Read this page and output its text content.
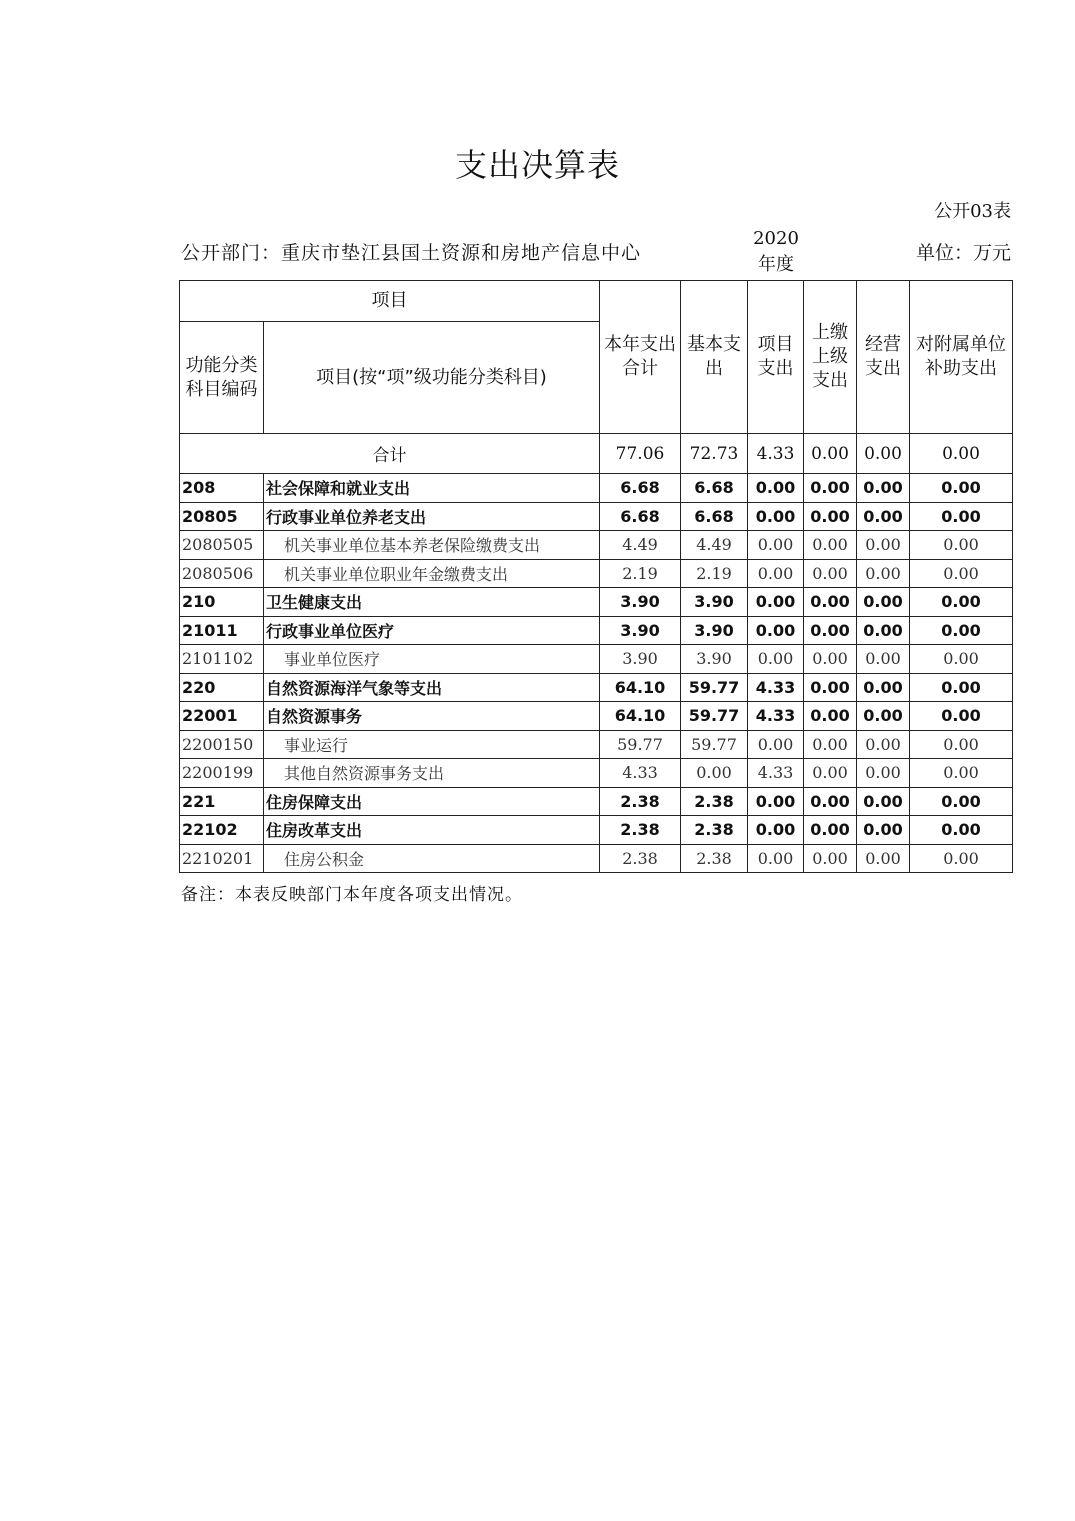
支出决算表
公开03表
公开部门：重庆市垫江县国土资源和房地产信息中心
2020
年度
单位：万元
项目		本年支出合计	基本支出	项目支出	上缴上级支出	经营支出	对附属单位补助支出
功能分类科目编码	项目(按“项”级功能分类科目)						
合计		77.06	72.73	4.33	0.00	0.00	0.00
208	社会保障和就业支出	6.68	6.68	0.00	0.00	0.00	0.00
20805	行政事业单位养老支出	6.68	6.68	0.00	0.00	0.00	0.00
2080505	机关事业单位基本养老保险缴费支出	4.49	4.49	0.00	0.00	0.00	0.00
2080506	机关事业单位职业年金缴费支出	2.19	2.19	0.00	0.00	0.00	0.00
210	卫生健康支出	3.90	3.90	0.00	0.00	0.00	0.00
21011	行政事业单位医疗	3.90	3.90	0.00	0.00	0.00	0.00
2101102	事业单位医疗	3.90	3.90	0.00	0.00	0.00	0.00
220	自然资源海洋气象等支出	64.10	59.77	4.33	0.00	0.00	0.00
22001	自然资源事务	64.10	59.77	4.33	0.00	0.00	0.00
2200150	事业运行	59.77	59.77	0.00	0.00	0.00	0.00
2200199	其他自然资源事务支出	4.33	0.00	4.33	0.00	0.00	0.00
221	住房保障支出	2.38	2.38	0.00	0.00	0.00	0.00
22102	住房改革支出	2.38	2.38	0.00	0.00	0.00	0.00
2210201	住房公积金	2.38	2.38	0.00	0.00	0.00	0.00
备注：本表反映部门本年度各项支出情况。
